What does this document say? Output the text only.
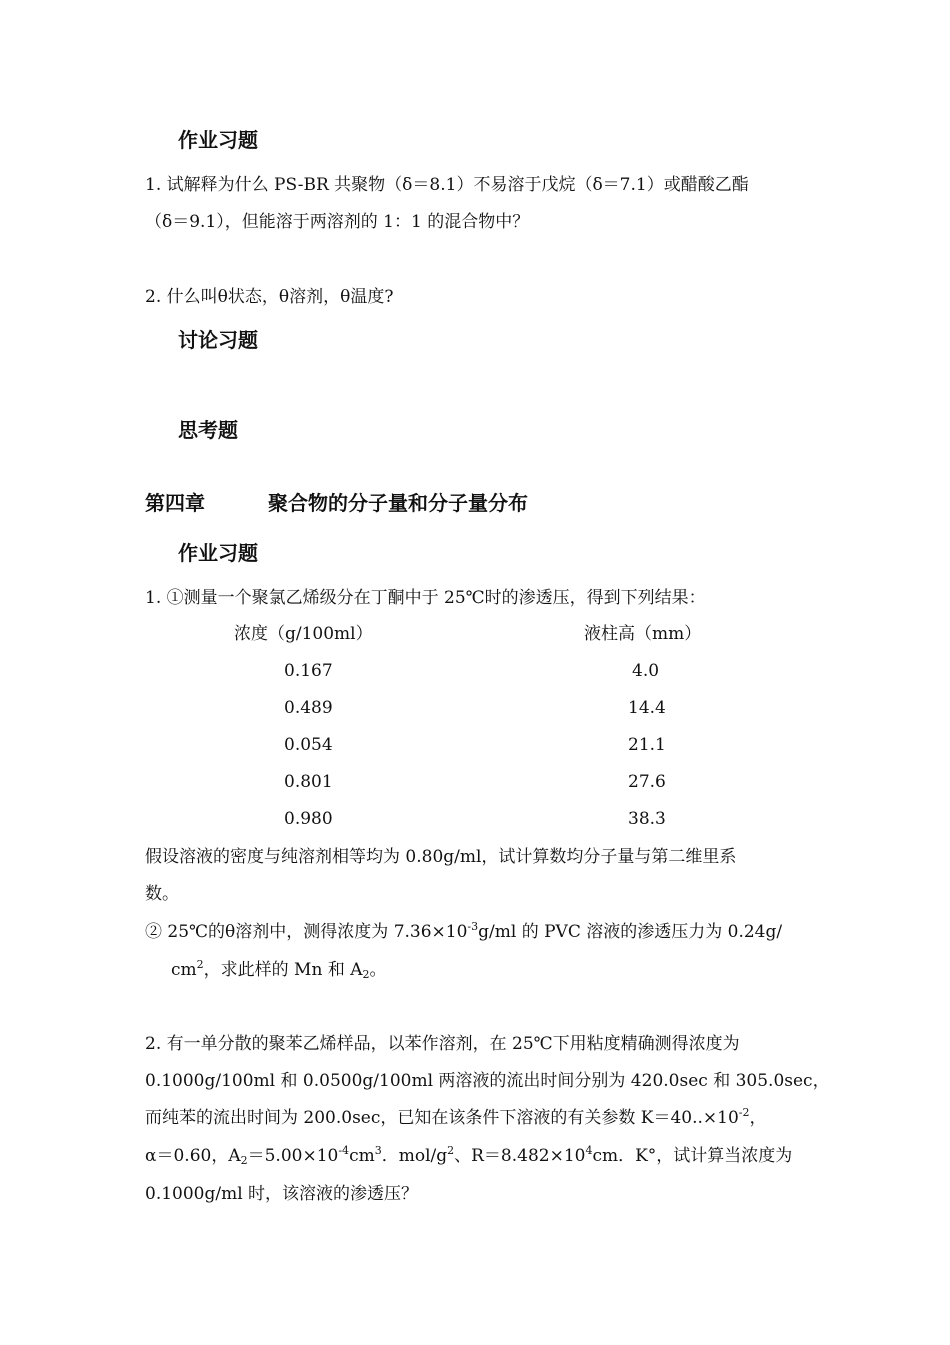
作业习题
1. 试解释为什么 PS-BR 共聚物（δ＝8.1）不易溶于戊烷（δ＝7.1）或醋酸乙酯
（δ＝9.1），但能溶于两溶剂的 1：1 的混合物中？
2. 什么叫θ状态，θ溶剂，θ温度?
讨论习题
思考题
第四章	聚合物的分子量和分子量分布
作业习题
1. ①测量一个聚氯乙烯级分在丁酮中于 25℃时的渗透压，得到下列结果：
浓度（g/100ml）	液柱高（mm）
0.167	4.0
0.489	14.4
0.054	21.1
0.801	27.6
0.980	38.3
假设溶液的密度与纯溶剂相等均为 0.80g/ml，试计算数均分子量与第二维里系
数。
② 25℃的θ溶剂中，测得浓度为 $7.36\times 10^{-3}g/ml$ 的 PVC 溶液的渗透压力为 0.24g/
$cm^2$，求此样的 Mn 和 $A_2$。
2. 有一单分散的聚苯乙烯样品，以苯作溶剂，在 25℃下用粘度精确测得浓度为
0.1000g/100ml 和 0.0500g/100ml 两溶液的流出时间分别为 420.0sec 和 305.0sec，
而纯苯的流出时间为 200.0sec，已知在该条件下溶液的有关参数 $K=40..\times 10^{-2}$，
α＝0.60，$A_2=5.00\times 10^{-4}cm^3$．mol/$g^2$、$R=8.482\times 10^4cm$．K°，试计算当浓度为
0.1000g/ml 时，该溶液的渗透压？
